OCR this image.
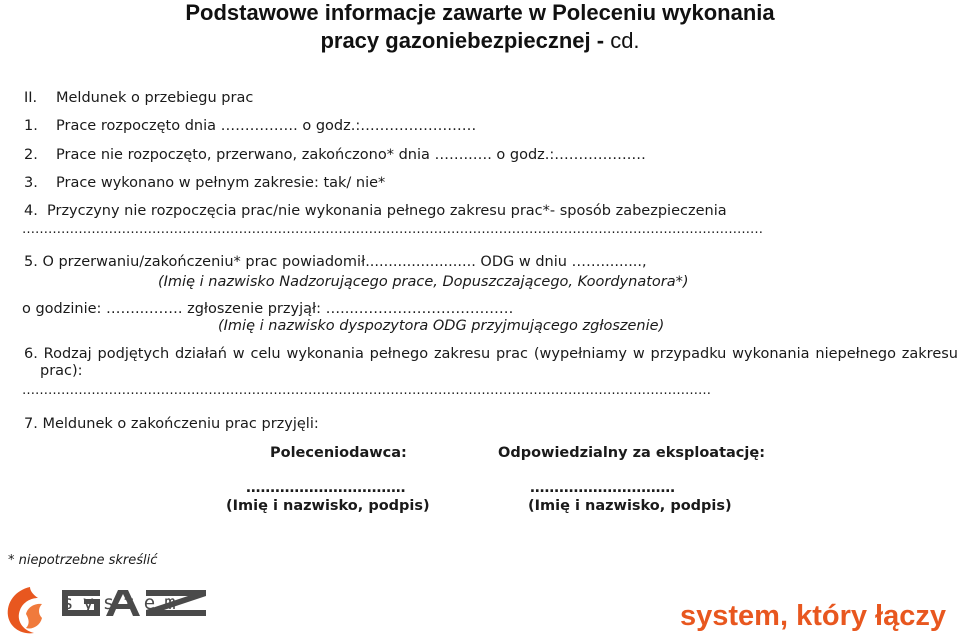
Podstawowe informacje zawarte w Poleceniu wykonania
pracy gazoniebezpiecznej - cd.
II. Meldunek o przebiegu prac
1. Prace rozpoczęto dnia ……………. o godz.:……………………
2. Prace nie rozpoczęto, przerwano, zakończono* dnia ……..…. o godz.:…………….…
3. Prace wykonano w pełnym zakresie: tak/ nie*
4. Przyczyny nie rozpoczęcia prac/nie wykonania pełnego zakresu prac*- sposób zabezpieczenia
………………………………………………………………………………………………………………………………………………………
5. O przerwaniu/zakończeniu* prac powiadomił........................ ODG w dniu …….........,
(Imię i nazwisko Nadzorującego prace, Dopuszczającego, Koordynatora*)
o godzinie: ……...……. zgłoszenie przyjął: …...……………………………
(Imię i nazwisko dyspozytora ODG przyjmującego zgłoszenie)
6. Rodzaj podjętych działań w celu wykonania pełnego zakresu prac (wypełniamy w przypadku wykonania niepełnego zakresu
prac):
……………………………………………………………………………………………………………………………………………
7. Meldunek o zakończeniu prac przyjęli:
Poleceniodawca:	Odpowiedzialny za eksploatację:
……………………………	…………………………
(Imię i nazwisko, podpis)	(Imię i nazwisko, podpis)
* niepotrzebne skreślić
system	system, który łączy
